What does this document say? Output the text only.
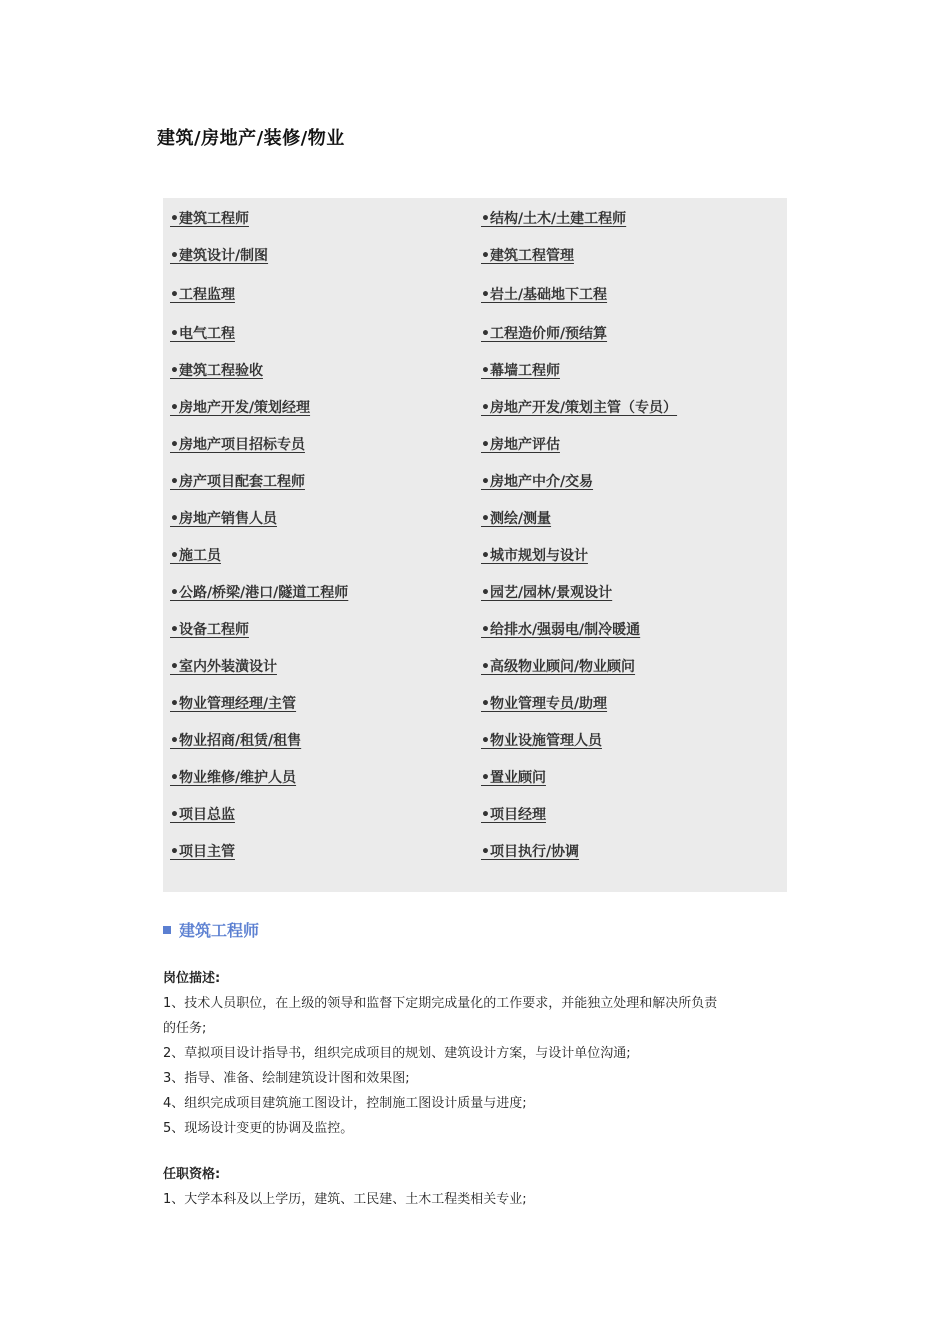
建筑/房地产/装修/物业
•建筑工程师
•建筑设计/制图
•工程监理
•电气工程
•建筑工程验收
•房地产开发/策划经理
•房地产项目招标专员
•房产项目配套工程师
•房地产销售人员
•施工员
•公路/桥梁/港口/隧道工程师
•设备工程师
•室内外装潢设计
•物业管理经理/主管
•物业招商/租赁/租售
•物业维修/维护人员
•项目总监
•项目主管
•结构/土木/土建工程师
•建筑工程管理
•岩土/基础地下工程
•工程造价师/预结算
•幕墙工程师
•房地产开发/策划主管（专员）
•房地产评估
•房地产中介/交易
•测绘/测量
•城市规划与设计
•园艺/园林/景观设计
•给排水/强弱电/制冷暖通
•高级物业顾问/物业顾问
•物业管理专员/助理
•物业设施管理人员
•置业顾问
•项目经理
•项目执行/协调
建筑工程师

岗位描述:

1、技术人员职位，在上级的领导和监督下定期完成量化的工作要求，并能独立处理和解决所负责

的任务;

2、草拟项目设计指导书，组织完成项目的规划、建筑设计方案，与设计单位沟通;

3、指导、准备、绘制建筑设计图和效果图;

4、组织完成项目建筑施工图设计，控制施工图设计质量与进度;

5、现场设计变更的协调及监控。

任职资格:

1、大学本科及以上学历，建筑、工民建、土木工程类相关专业;
